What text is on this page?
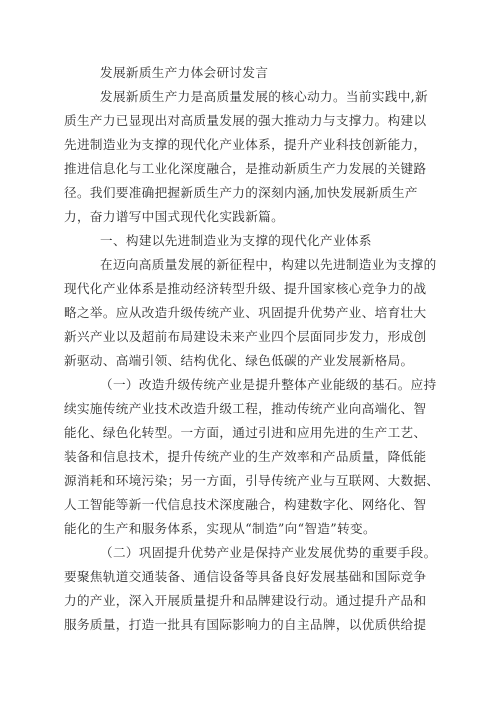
发展新质生产力体会研讨发言
发展新质生产力是高质量发展的核心动力。当前实践中,新
质生产力已显现出对高质量发展的强大推动力与支撑力。构建以
先进制造业为支撑的现代化产业体系，提升产业科技创新能力，
推进信息化与工业化深度融合，是推动新质生产力发展的关键路
径。我们要准确把握新质生产力的深刻内涵,加快发展新质生产
力，奋力谱写中国式现代化实践新篇。
一、构建以先进制造业为支撑的现代化产业体系
在迈向高质量发展的新征程中，构建以先进制造业为支撑的
现代化产业体系是推动经济转型升级、提升国家核心竞争力的战
略之举。应从改造升级传统产业、巩固提升优势产业、培育壮大
新兴产业以及超前布局建设未来产业四个层面同步发力，形成创
新驱动、高端引领、结构优化、绿色低碳的产业发展新格局。
（一）改造升级传统产业是提升整体产业能级的基石。应持
续实施传统产业技术改造升级工程，推动传统产业向高端化、智
能化、绿色化转型。一方面，通过引进和应用先进的生产工艺、
装备和信息技术，提升传统产业的生产效率和产品质量，降低能
源消耗和环境污染；另一方面，引导传统产业与互联网、大数据、
人工智能等新一代信息技术深度融合，构建数字化、网络化、智
能化的生产和服务体系，实现从“制造”向“智造”转变。
（二）巩固提升优势产业是保持产业发展优势的重要手段。
要聚焦轨道交通装备、通信设备等具备良好发展基础和国际竞争
力的产业，深入开展质量提升和品牌建设行动。通过提升产品和
服务质量，打造一批具有国际影响力的自主品牌，以优质供给提
